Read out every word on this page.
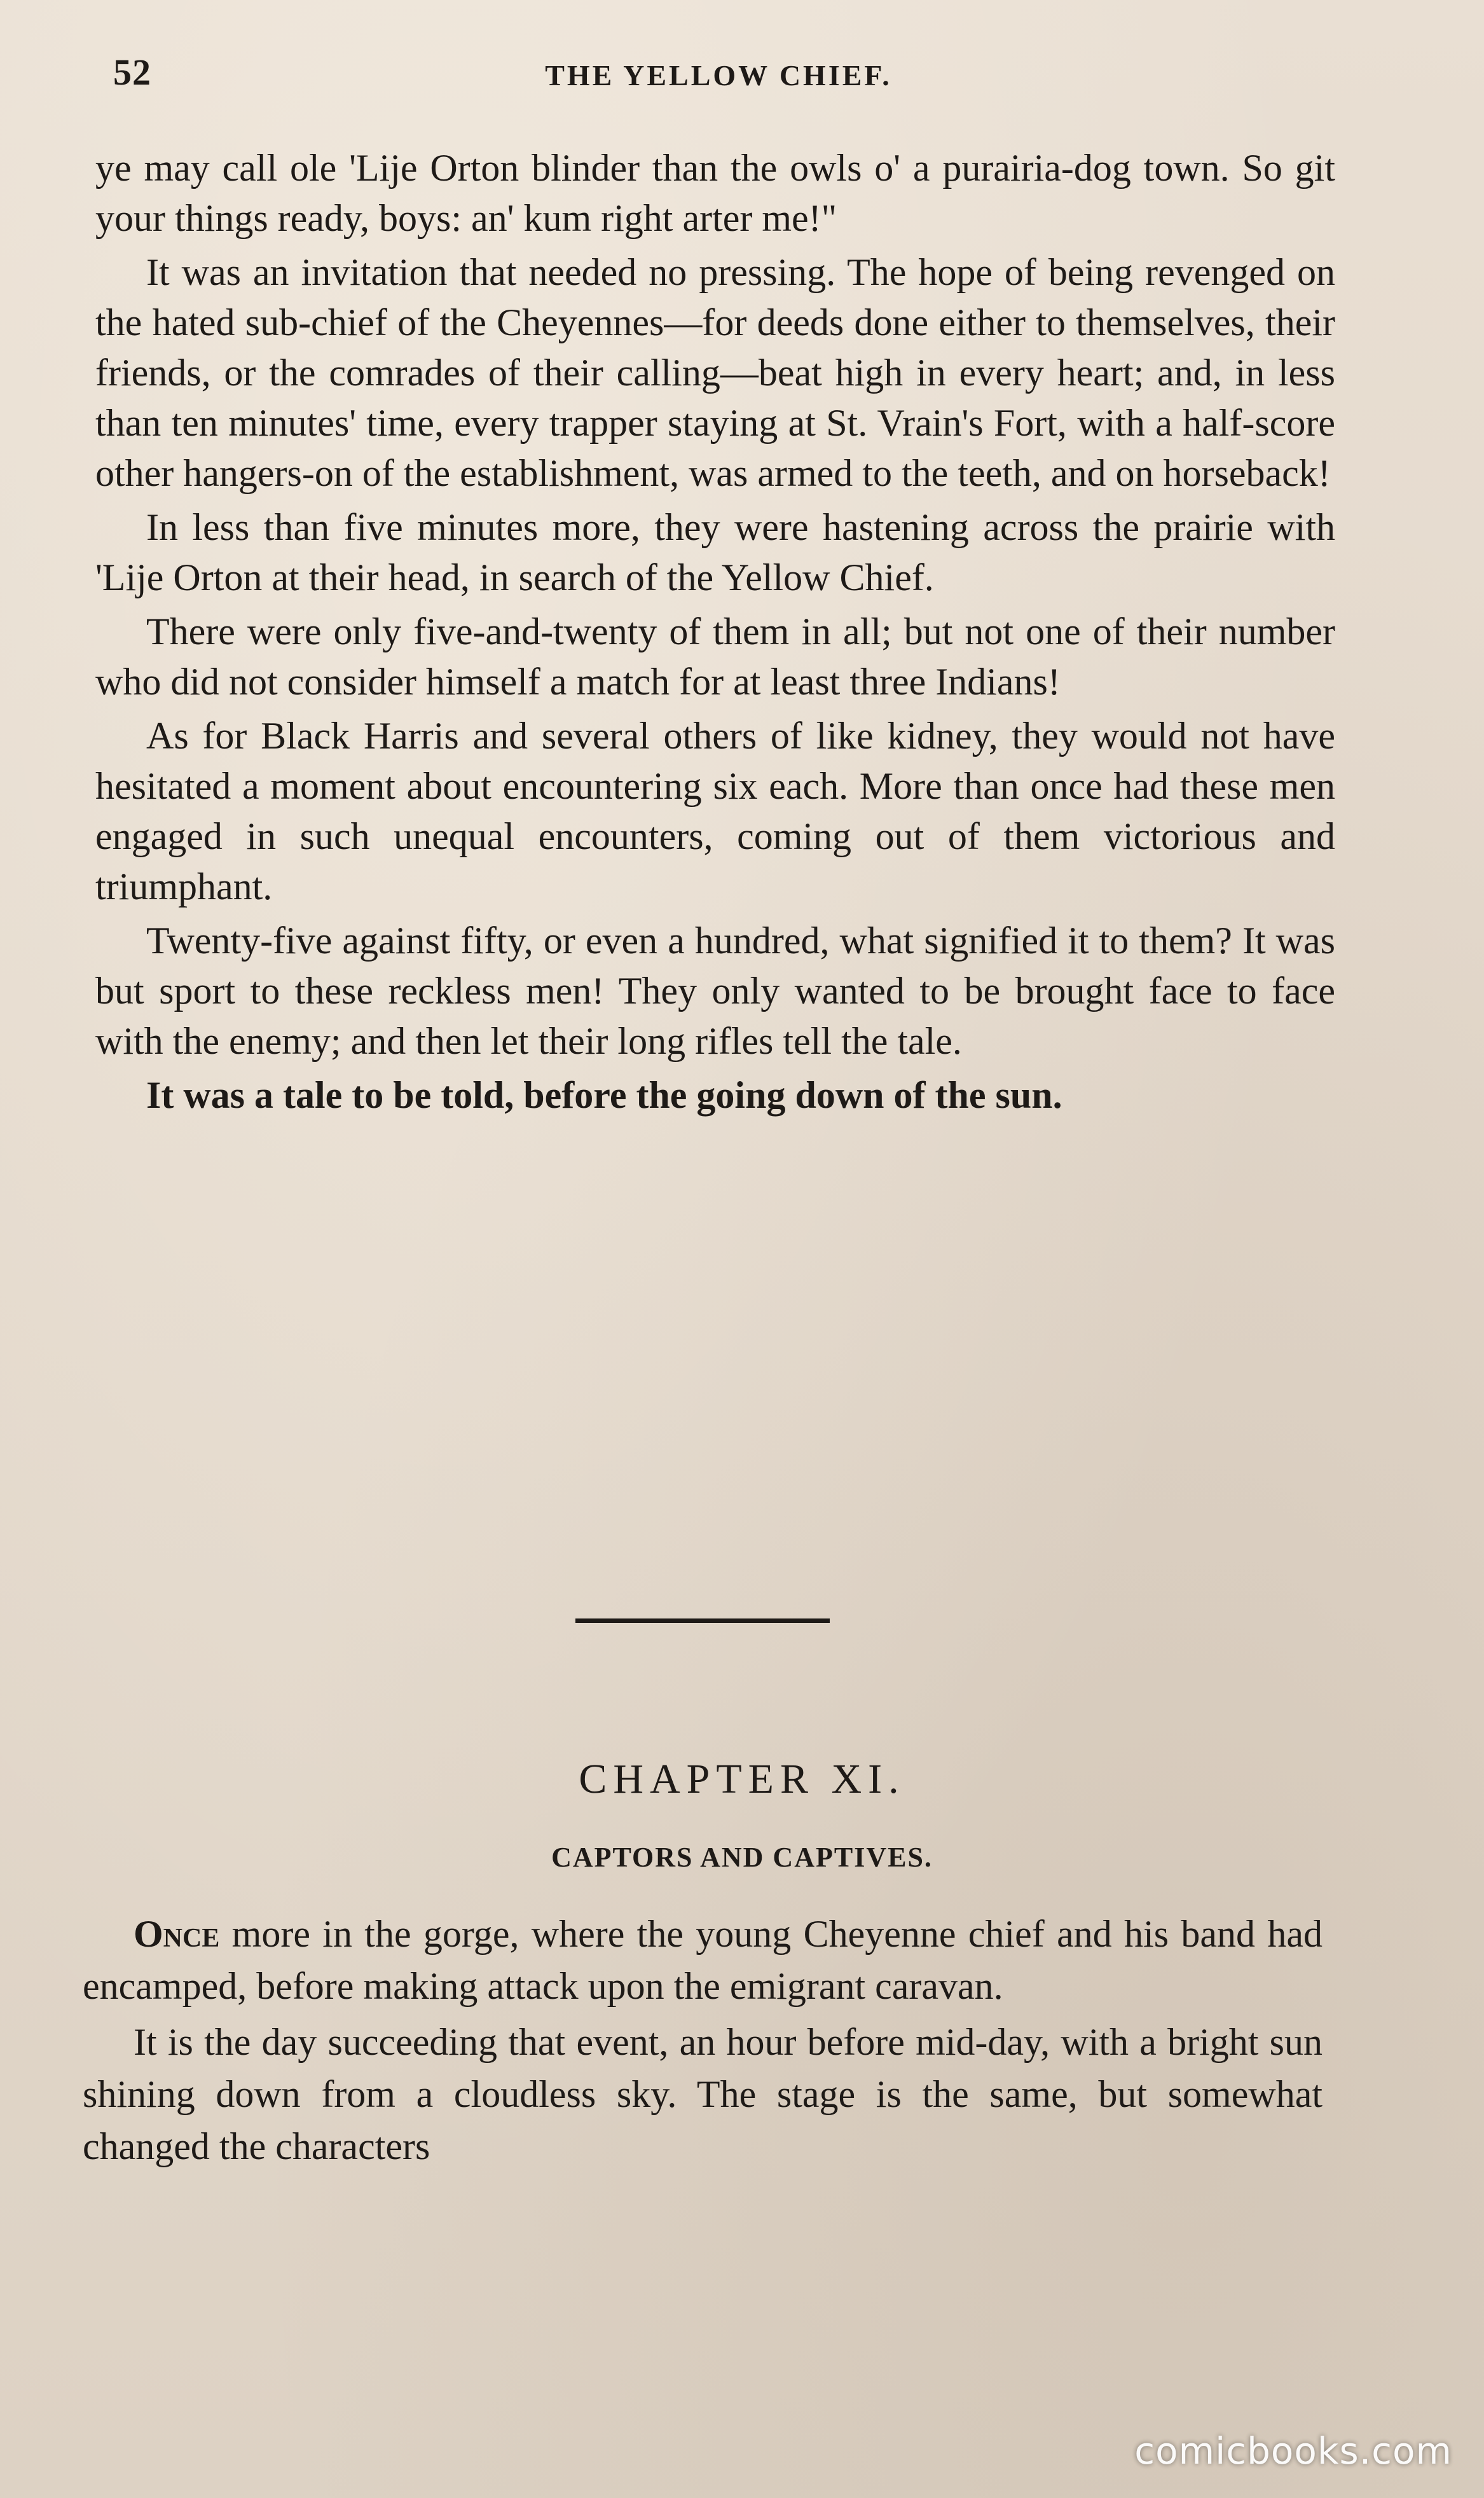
52	THE YELLOW CHIEF.

ye may call ole 'Lije Orton blinder than the owls o' a purairia-dog town. So git your things ready, boys: an' kum right arter me!"

It was an invitation that needed no pressing. The hope of being revenged on the hated sub-chief of the Cheyennes—for deeds done either to themselves, their friends, or the comrades of their calling—beat high in every heart; and, in less than ten minutes' time, every trapper staying at St. Vrain's Fort, with a half-score other hangers-on of the establishment, was armed to the teeth, and on horseback!

In less than five minutes more, they were hastening across the prairie with 'Lije Orton at their head, in search of the Yellow Chief.

There were only five-and-twenty of them in all; but not one of their number who did not consider himself a match for at least three Indians!

As for Black Harris and several others of like kidney, they would not have hesitated a moment about encountering six each. More than once had these men engaged in such unequal encounters, coming out of them victorious and triumphant.

Twenty-five against fifty, or even a hundred, what signified it to them? It was but sport to these reckless men! They only wanted to be brought face to face with the enemy; and then let their long rifles tell the tale.

It was a tale to be told, before the going down of the sun.

CHAPTER XI.
CAPTORS AND CAPTIVES.

Once more in the gorge, where the young Cheyenne chief and his band had encamped, before making attack upon the emigrant caravan.

It is the day succeeding that event, an hour before mid-day, with a bright sun shining down from a cloudless sky. The stage is the same, but somewhat changed the characters

comicbooks.com
